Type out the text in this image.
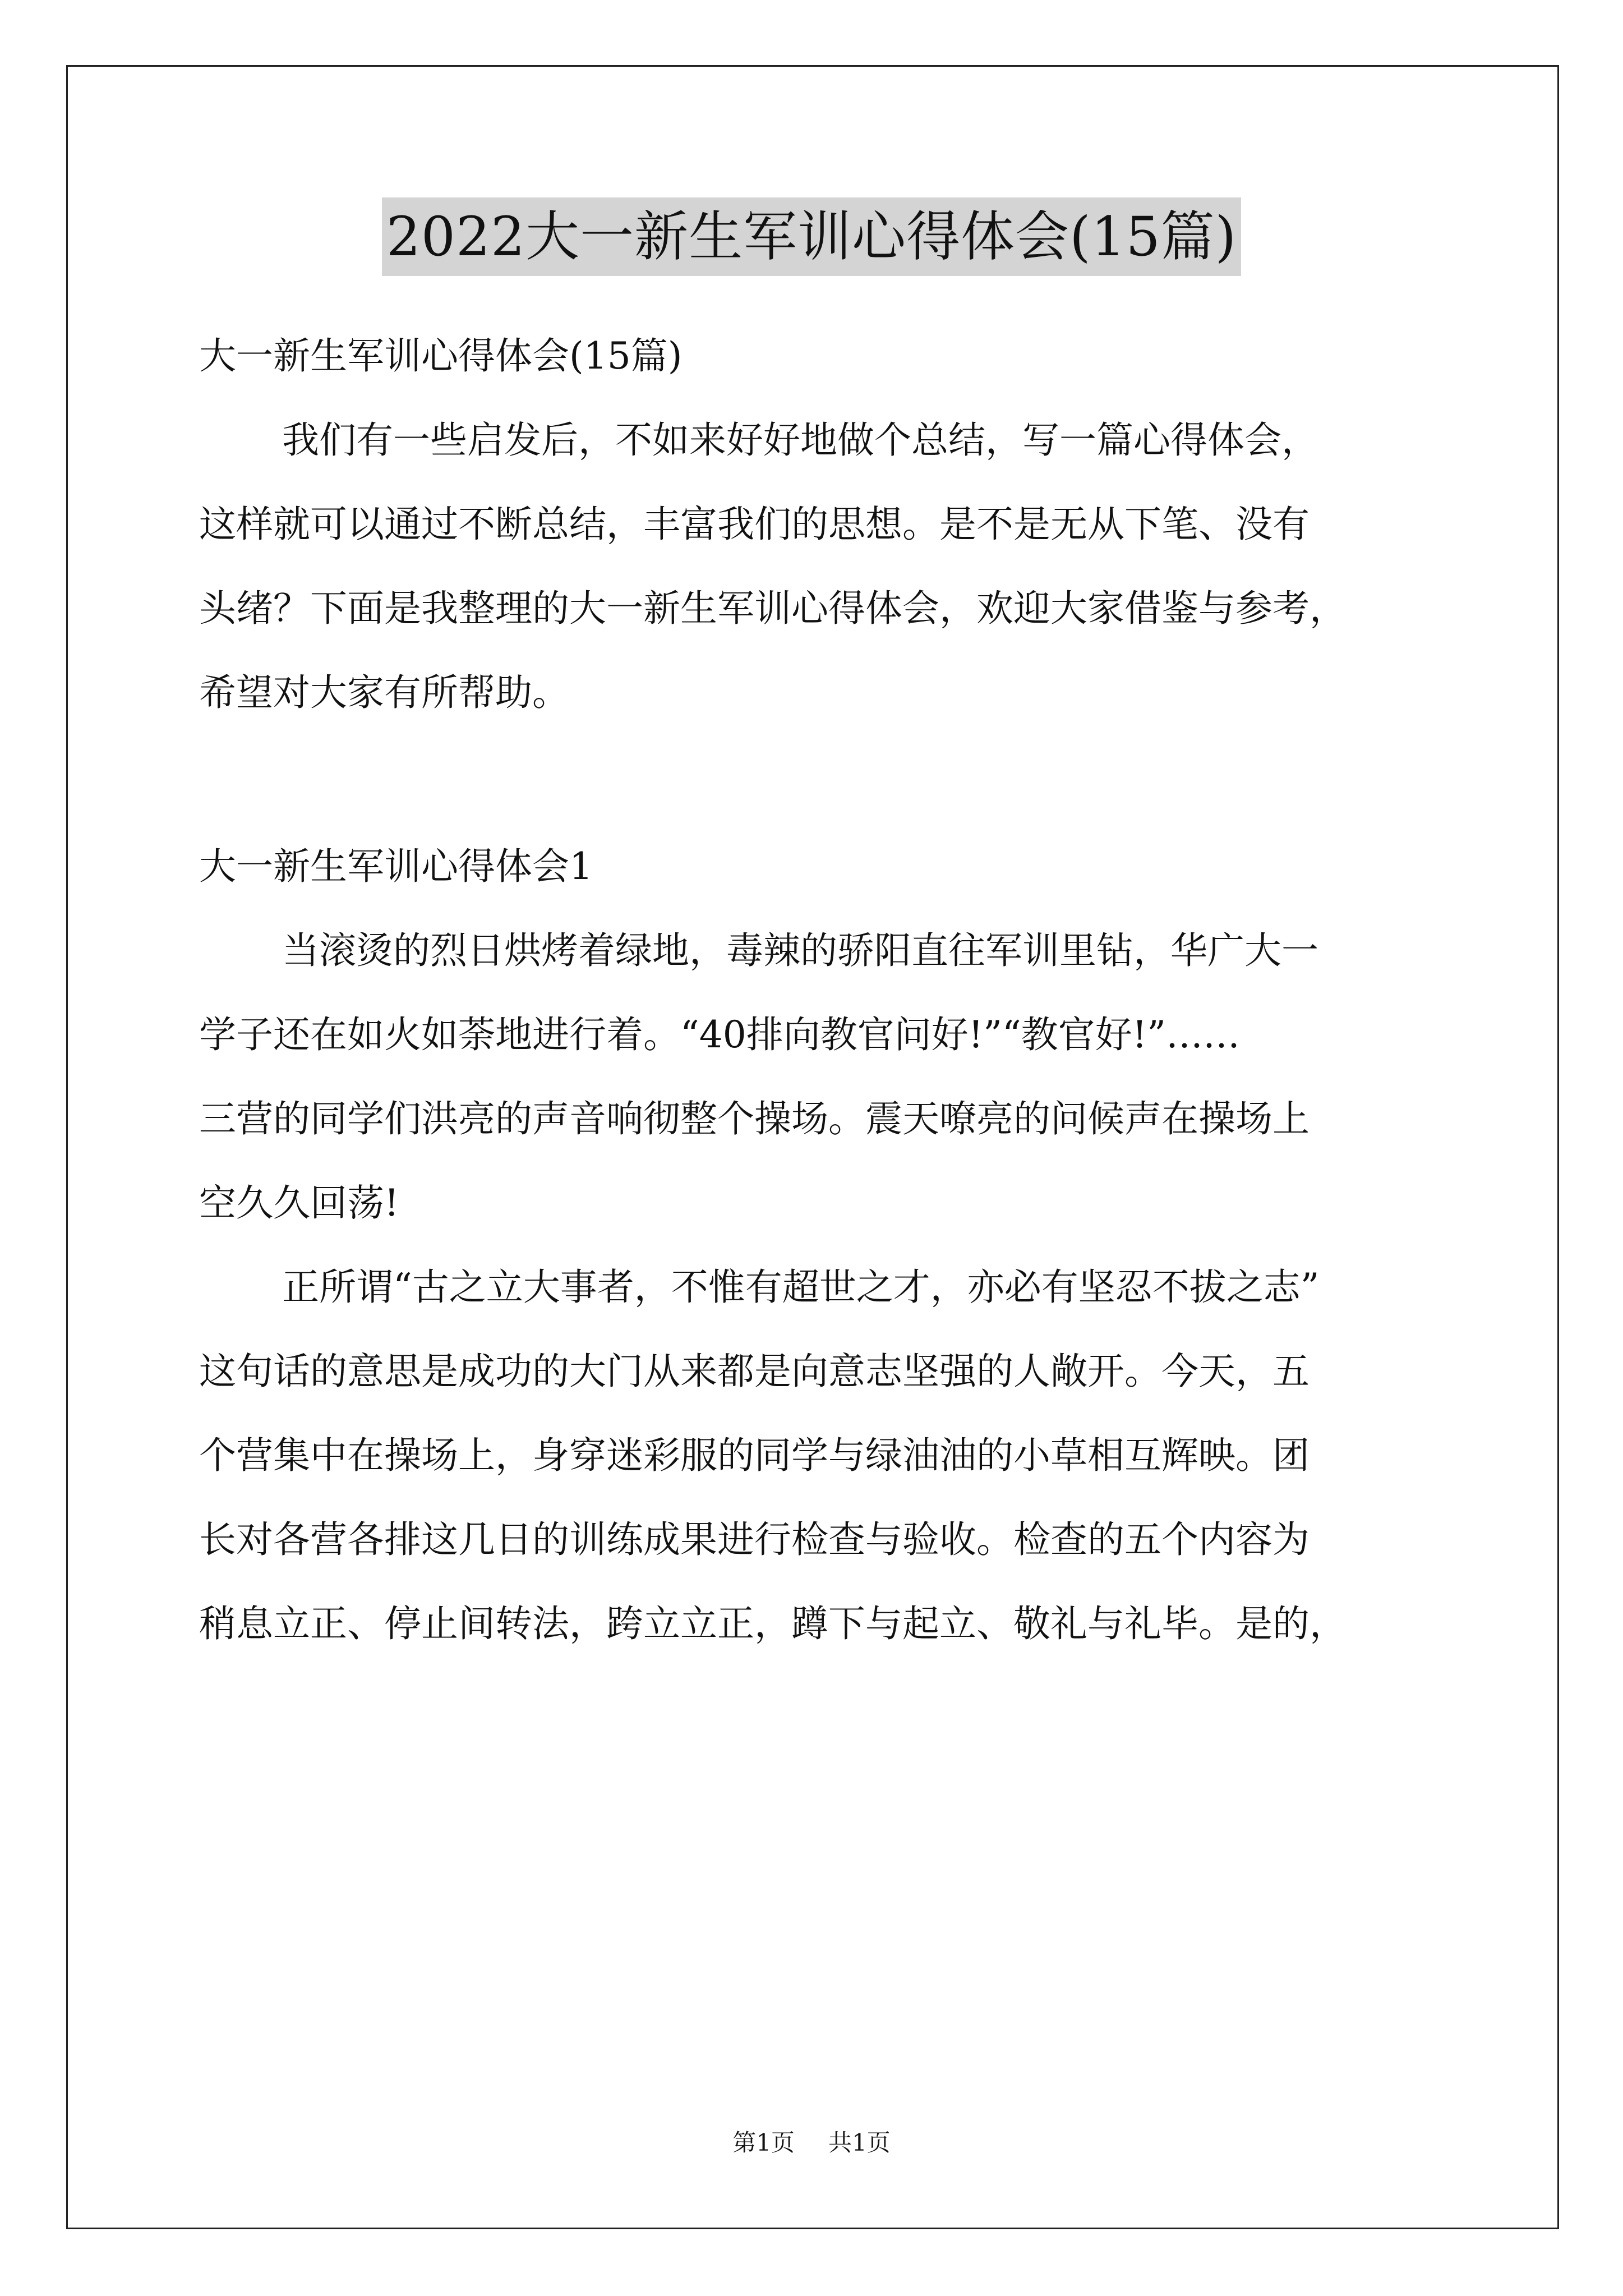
2022大一新生军训心得体会(15篇)
大一新生军训心得体会(15篇)
我们有一些启发后，不如来好好地做个总结，写一篇心得体会，
这样就可以通过不断总结，丰富我们的思想。是不是无从下笔、没有
头绪？下面是我整理的大一新生军训心得体会，欢迎大家借鉴与参考，
希望对大家有所帮助。
大一新生军训心得体会1
当滚烫的烈日烘烤着绿地，毒辣的骄阳直往军训里钻，华广大一
学子还在如火如荼地进行着。“40排向教官问好!”“教官好!”……
三营的同学们洪亮的声音响彻整个操场。震天嘹亮的问候声在操场上
空久久回荡!
正所谓“古之立大事者，不惟有超世之才，亦必有坚忍不拔之志”
这句话的意思是成功的大门从来都是向意志坚强的人敞开。今天，五
个营集中在操场上，身穿迷彩服的同学与绿油油的小草相互辉映。团
长对各营各排这几日的训练成果进行检查与验收。检查的五个内容为
稍息立正、停止间转法，跨立立正，蹲下与起立、敬礼与礼毕。是的，
第1页 共1页
